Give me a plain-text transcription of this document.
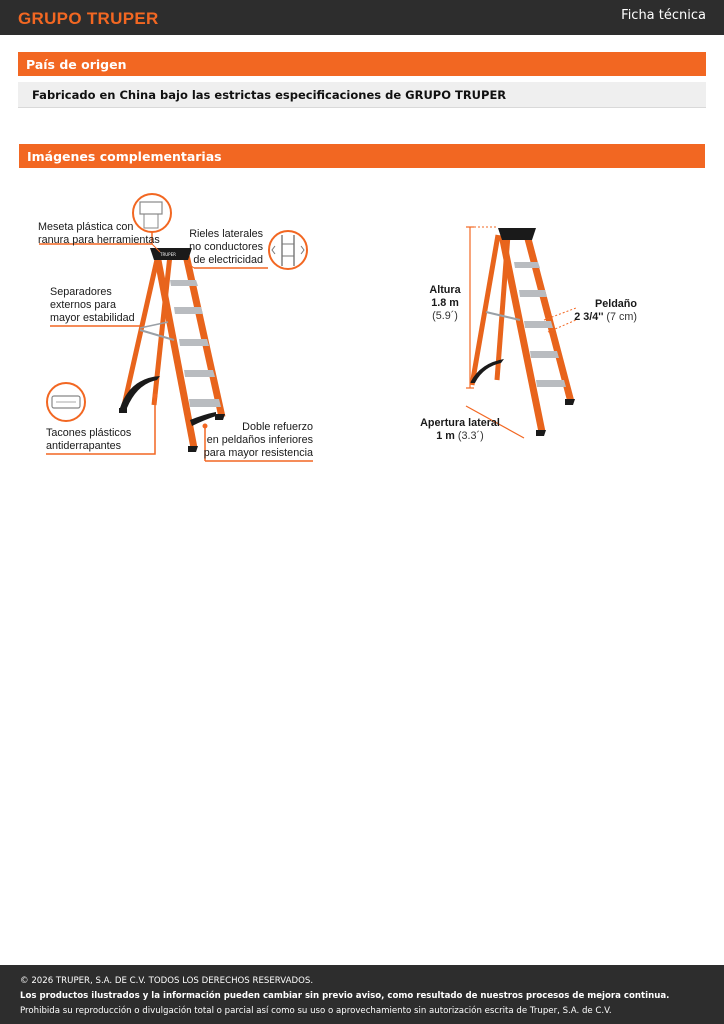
GRUPO TRUPER	Ficha técnica
País de origen
Fabricado en China bajo las estrictas especificaciones de GRUPO TRUPER
Imágenes complementarias
TRUPER
Meseta plástica con
ranura para herramientas	Rieles laterales
no conductores
de electricidad
Separadores
externos para
mayor estabilidad
Tacones plásticos
antiderrapantes
Doble refuerzo
en peldaños inferiores
para mayor resistencia
Altura
1.8 m
(5.9´)
Peldaño
2 3/4'' (7 cm)
Apertura lateral
1 m (3.3´)
© 2026 TRUPER, S.A. DE C.V. TODOS LOS DERECHOS RESERVADOS.
Los productos ilustrados y la información pueden cambiar sin previo aviso, como resultado de nuestros procesos de mejora continua.
Prohibida su reproducción o divulgación total o parcial así como su uso o aprovechamiento sin autorización escrita de Truper, S.A. de C.V.
